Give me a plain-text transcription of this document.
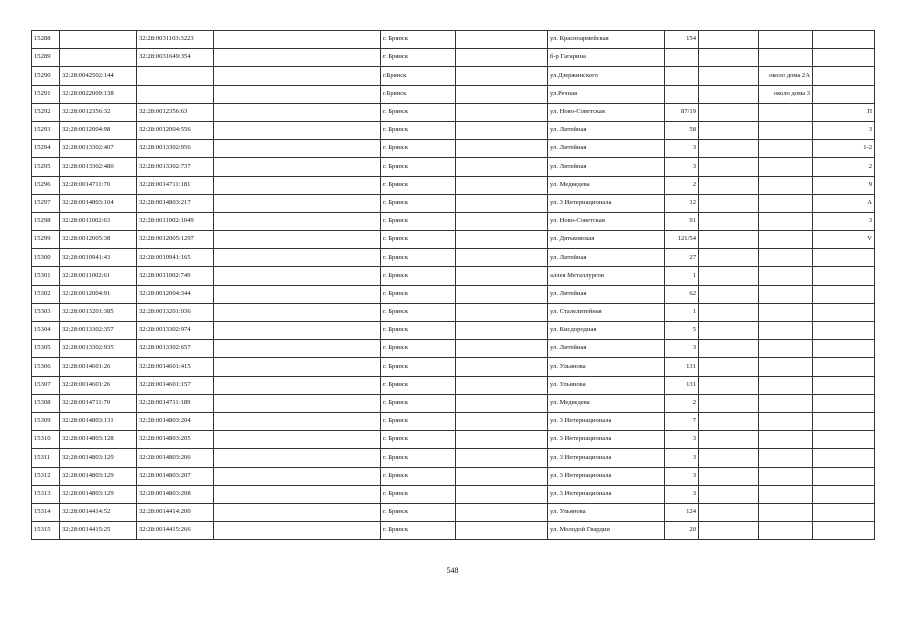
15288		32:28:0031103:3223		г. Брянск		ул. Красноармейская	154			
15289		32:28:0031649:354		г. Брянск		б-р Гагарина				
15290	32:28:0042502:144			г.Брянск		ул.Дзержинского			около дома 2А	
15291	32:28:0022009:138			г.Брянск		ул.Речная			около дома 3	
15292	32:28:0012356:32	32:28:0012356:63		г. Брянск		ул. Ново-Советская	87/19			П
15293	32:28:0012004:98	32:28:0012004:556		г. Брянск		ул. Литейная	58			3
15294	32:28:0013302:407	32:28:0013302:956		г. Брянск		ул. Литейная	3			1-2
15295	32:28:0013302:480	32:28:0013302:737		г. Брянск		ул. Литейная	3			2
15296	32:28:0014711:70	32:28:0014711:181		г. Брянск		ул. Медведева	2			9
15297	32:28:0014803:104	32:28:0014803:217		г. Брянск		ул. 3 Интернационала	12			А
15298	32:28:0011002:63	32:28:0011002:1049		г. Брянск		ул. Ново-Советская	91			3
15299	32:28:0012005:38	32:28:0012005:1297		г. Брянск		ул. Дятьковская	121/54			V
15300	32:28:0010941:43	32:28:0010941:165		г. Брянск		ул. Литейная	27			
15301	32:28:0011002:61	32:28:0011002:749		г. Брянск		аллея Металлургов	1			
15302	32:28:0012004:91	32:28:0012004:344		г. Брянск		ул. Литейная	62			
15303	32:28:0013201:385	32:28:0013201:936		г. Брянск		ул. Сталелитейная	1			
15304	32:28:0013302:357	32:28:0013302:974		г. Брянск		ул. Кисдородная	5			
15305	32:28:0013302:935	32:28:0013302:657		г. Брянск		ул. Литейная	3			
15306	32:28:0014601:26	32:28:0014601:415		г. Брянск		ул. Ульянова	131			
15307	32:28:0014601:26	32:28:0014601:157		г. Брянск		ул. Ульянова	131			
15308	32:28:0014711:70	32:28:0014711:189		г. Брянск		ул. Медведева	2			
15309	32:28:0014803:131	32:28:0014803:204		г. Брянск		ул. 3 Интернационала	7			
15310	32:28:0014803:128	32:28:0014803:205		г. Брянск		ул. 3 Интернационала	3			
15311	32:28:0014803:129	32:28:0014803:206		г. Брянск		ул. 3 Интернационала	3			
15312	32:28:0014803:129	32:28:0014803:207		г. Брянск		ул. 3 Интернационала	3			
15313	32:28:0014803:129	32:28:0014803:208		г. Брянск		ул. 3 Интернационала	3			
15314	32:28:0014414:52	32:28:0014414:200		г. Брянск		ул. Ульянова	124			
15315	32:28:0014415:25	32:28:0014415:266		г. Брянск		ул. Молодой Гвардии	20			
548
